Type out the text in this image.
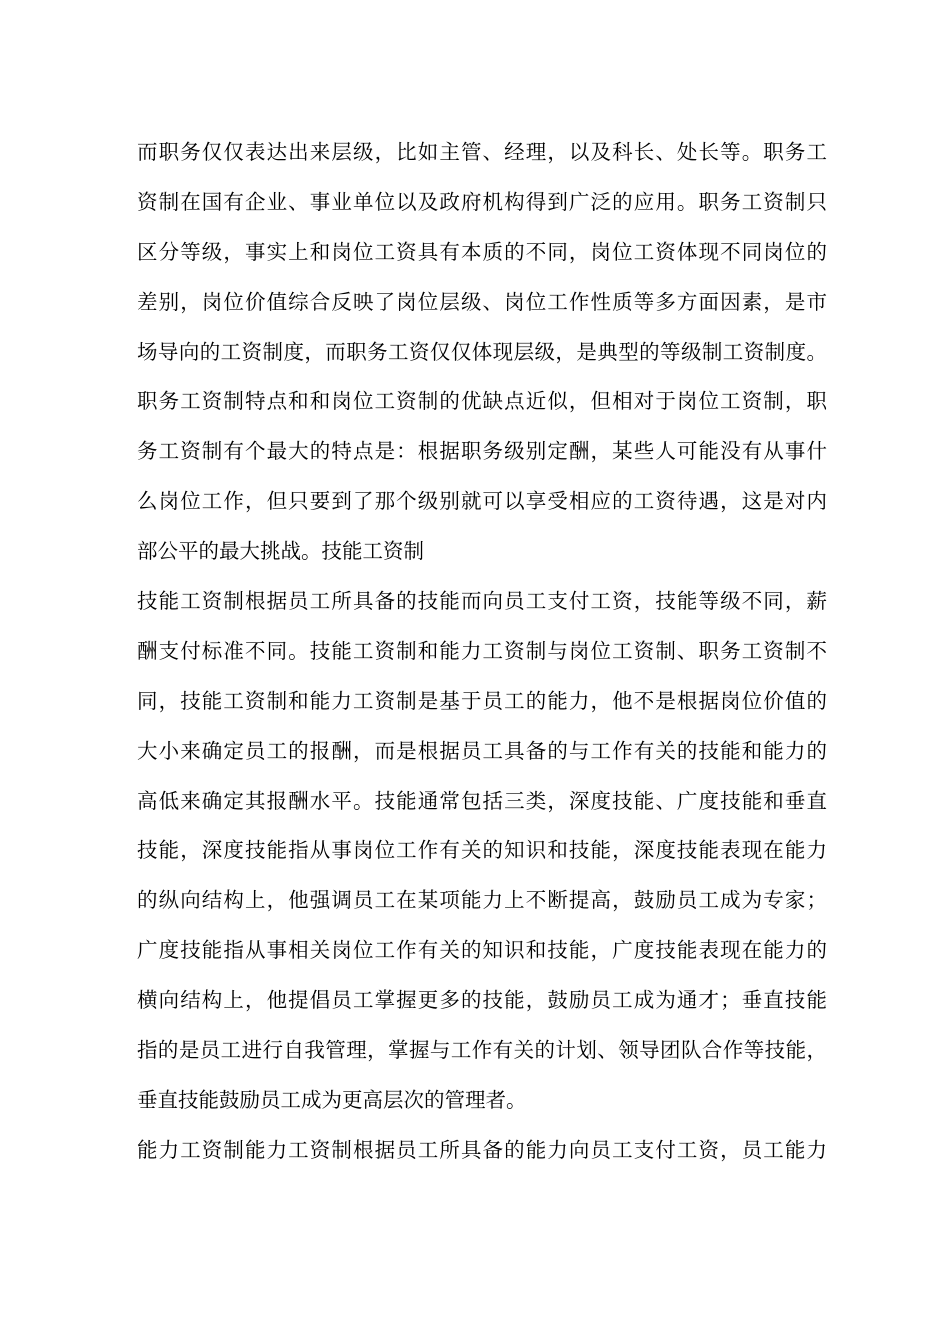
而职务仅仅表达出来层级，比如主管、经理，以及科长、处长等。职务工
资制在国有企业、事业单位以及政府机构得到广泛的应用。职务工资制只
区分等级，事实上和岗位工资具有本质的不同，岗位工资体现不同岗位的
差别，岗位价值综合反映了岗位层级、岗位工作性质等多方面因素，是市
场导向的工资制度，而职务工资仅仅体现层级，是典型的等级制工资制度。
职务工资制特点和和岗位工资制的优缺点近似，但相对于岗位工资制，职
务工资制有个最大的特点是：根据职务级别定酬，某些人可能没有从事什
么岗位工作，但只要到了那个级别就可以享受相应的工资待遇，这是对内
部公平的最大挑战。技能工资制
技能工资制根据员工所具备的技能而向员工支付工资，技能等级不同，薪
酬支付标准不同。技能工资制和能力工资制与岗位工资制、职务工资制不
同，技能工资制和能力工资制是基于员工的能力，他不是根据岗位价值的
大小来确定员工的报酬，而是根据员工具备的与工作有关的技能和能力的
高低来确定其报酬水平。技能通常包括三类，深度技能、广度技能和垂直
技能，深度技能指从事岗位工作有关的知识和技能，深度技能表现在能力
的纵向结构上，他强调员工在某项能力上不断提高，鼓励员工成为专家；
广度技能指从事相关岗位工作有关的知识和技能，广度技能表现在能力的
横向结构上，他提倡员工掌握更多的技能，鼓励员工成为通才；垂直技能
指的是员工进行自我管理，掌握与工作有关的计划、领导团队合作等技能，
垂直技能鼓励员工成为更高层次的管理者。
能力工资制能力工资制根据员工所具备的能力向员工支付工资，员工能力
